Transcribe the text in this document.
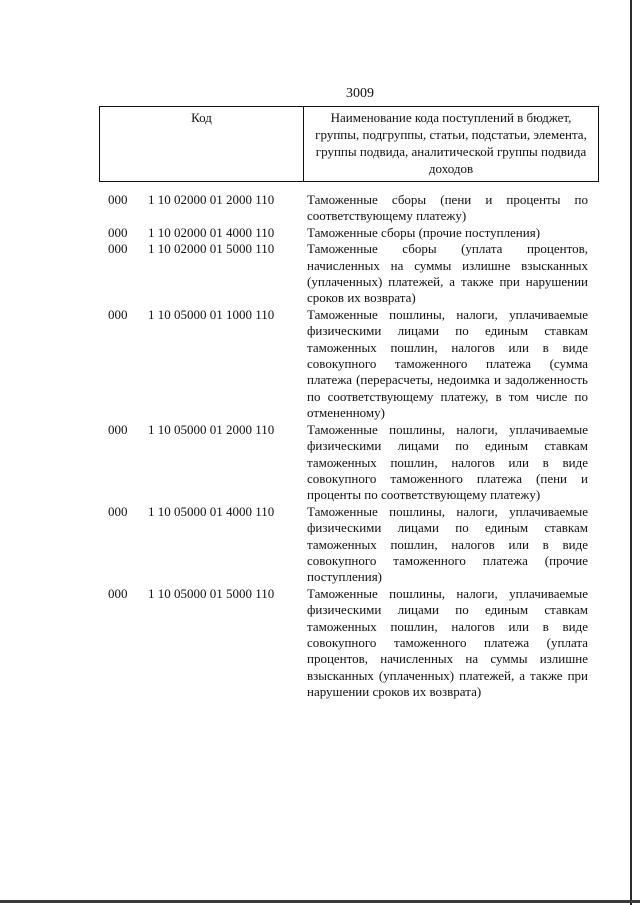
3009
Код	Наименование кода поступлений в бюджет, группы, подгруппы, статьи, подстатьи, элемента, группы подвида, аналитической группы подвида доходов
000	1 10 02000 01 2000 110	Таможенные сборы (пени и проценты по соответствующему платежу)
000	1 10 02000 01 4000 110	Таможенные сборы (прочие поступления)
000	1 10 02000 01 5000 110	Таможенные сборы (уплата процентов, начисленных на суммы излишне взысканных (уплаченных) платежей, а также при нарушении сроков их возврата)
000	1 10 05000 01 1000 110	Таможенные пошлины, налоги, уплачиваемые физическими лицами по единым ставкам таможенных пошлин, налогов или в виде совокупного таможенного платежа (сумма платежа (перерасчеты, недоимка и задолженность по соответствующему платежу, в том числе по отмененному)
000	1 10 05000 01 2000 110	Таможенные пошлины, налоги, уплачиваемые физическими лицами по единым ставкам таможенных пошлин, налогов или в виде совокупного таможенного платежа (пени и проценты по соответствующему платежу)
000	1 10 05000 01 4000 110	Таможенные пошлины, налоги, уплачиваемые физическими лицами по единым ставкам таможенных пошлин, налогов или в виде совокупного таможенного платежа (прочие поступления)
000	1 10 05000 01 5000 110	Таможенные пошлины, налоги, уплачиваемые физическими лицами по единым ставкам таможенных пошлин, налогов или в виде совокупного таможенного платежа (уплата процентов, начисленных на суммы излишне взысканных (уплаченных) платежей, а также при нарушении сроков их возврата)
